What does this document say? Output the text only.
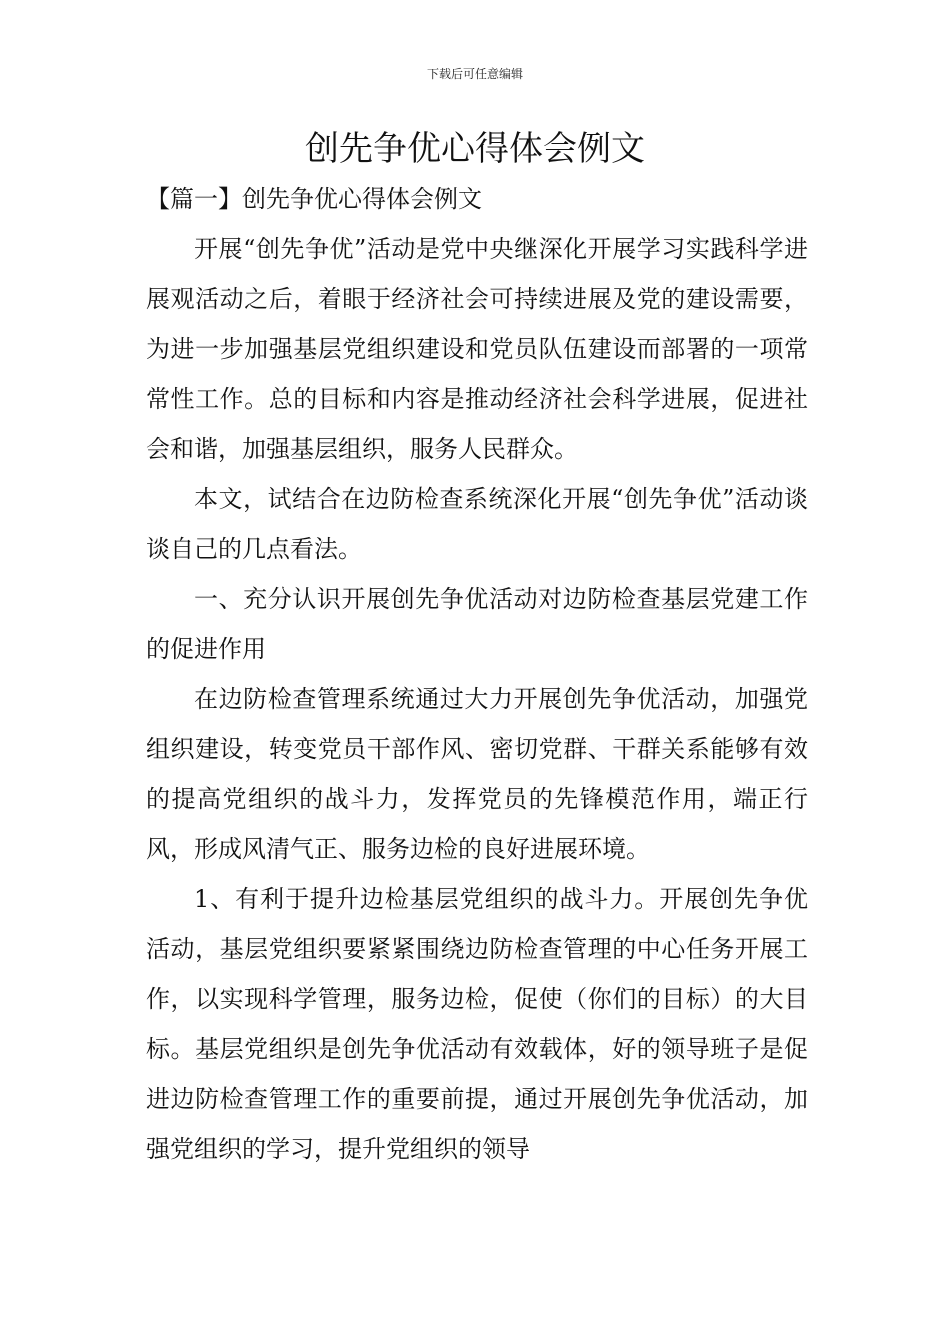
下载后可任意编辑
创先争优心得体会例文
【篇一】创先争优心得体会例文

开展“创先争优”活动是党中央继深化开展学习实践科学进展观活动之后，着眼于经济社会可持续进展及党的建设需要，为进一步加强基层党组织建设和党员队伍建设而部署的一项常常性工作。总的目标和内容是推动经济社会科学进展，促进社会和谐，加强基层组织，服务人民群众。

本文，试结合在边防检查系统深化开展“创先争优”活动谈谈自己的几点看法。

一、充分认识开展创先争优活动对边防检查基层党建工作的促进作用

在边防检查管理系统通过大力开展创先争优活动，加强党组织建设，转变党员干部作风、密切党群、干群关系能够有效的提高党组织的战斗力，发挥党员的先锋模范作用，端正行风，形成风清气正、服务边检的良好进展环境。

1、有利于提升边检基层党组织的战斗力。开展创先争优活动，基层党组织要紧紧围绕边防检查管理的中心任务开展工作，以实现科学管理，服务边检，促使（你们的目标）的大目标。基层党组织是创先争优活动有效载体，好的领导班子是促进边防检查管理工作的重要前提，通过开展创先争优活动，加强党组织的学习，提升党组织的领导
